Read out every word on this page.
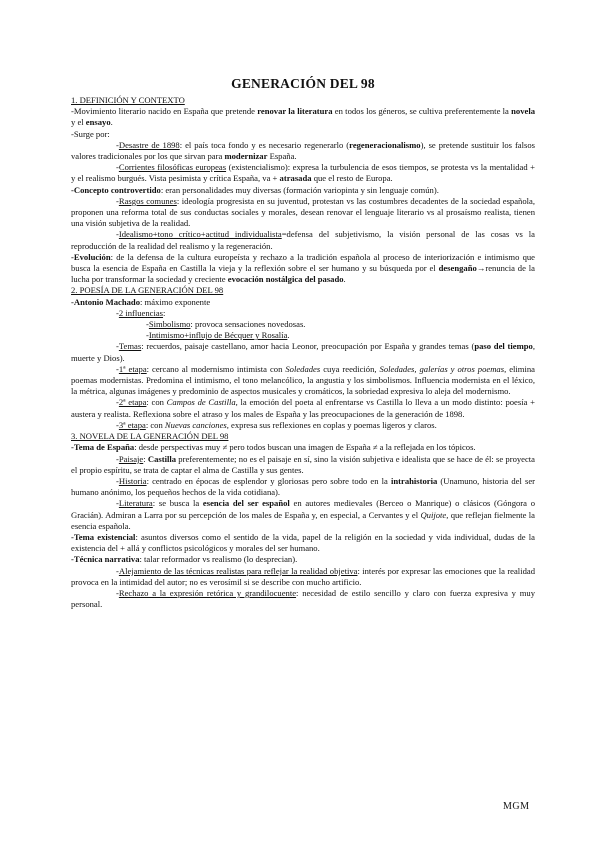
GENERACIÓN DEL 98
1. DEFINICIÓN Y CONTEXTO

-Movimiento literario nacido en España que pretende renovar la literatura en todos los géneros, se cultiva preferentemente la novela y el ensayo.

-Surge por:

-Desastre de 1898: el país toca fondo y es necesario regenerarlo (regeneracionalismo), se pretende sustituir los falsos valores tradicionales por los que sirvan para modernizar España.

-Corrientes filosóficas europeas (existencialismo): expresa la turbulencia de esos tiempos, se protesta vs la mentalidad + y el realismo burgués. Vista pesimista y crítica España, va + atrasada que el resto de Europa.

-Concepto controvertido: eran personalidades muy diversas (formación variopinta y sin lenguaje común).

-Rasgos comunes: ideología progresista en su juventud, protestan vs las costumbres decadentes de la sociedad española, proponen una reforma total de sus conductas sociales y morales, desean renovar el lenguaje literario vs al prosaísmo realista, tienen una visión subjetiva de la realidad.

-Idealismo+tono crítico+actitud individualista=defensa del subjetivismo, la visión personal de las cosas vs la reproducción de la realidad del realismo y la regeneración.

-Evolución: de la defensa de la cultura europeísta y rechazo a la tradición española al proceso de interiorización e intimismo que busca la esencia de España en Castilla la vieja y la reflexión sobre el ser humano y su búsqueda por el desengaño→renuncia de la lucha por transformar la sociedad y creciente evocación nostálgica del pasado.

2. POESÍA DE LA GENERACIÓN DEL 98

-Antonio Machado: máximo exponente

-2 influencias:

-Simbolismo: provoca sensaciones novedosas.

-Intimismo+influjo de Bécquer y Rosalía.

-Temas: recuerdos, paisaje castellano, amor hacia Leonor, preocupación por España y grandes temas (paso del tiempo, muerte y Dios).

-1ª etapa: cercano al modernismo intimista con Soledades cuya reedición, Soledades, galerías y otros poemas, elimina poemas modernistas. Predomina el intimismo, el tono melancólico, la angustia y los simbolismos. Influencia modernista en el léxico, la métrica, algunas imágenes y predominio de aspectos musicales y cromáticos, la sobriedad expresiva lo aleja del modernismo.

-2ª etapa: con Campos de Castilla, la emoción del poeta al enfrentarse vs Castilla lo lleva a un modo distinto: poesía + austera y realista. Reflexiona sobre el atraso y los males de España y las preocupaciones de la generación de 1898.

-3ª etapa: con Nuevas canciones, expresa sus reflexiones en coplas y poemas ligeros y claros.

3. NOVELA DE LA GENERACIÓN DEL 98

-Tema de España: desde perspectivas muy ≠ pero todos buscan una imagen de España ≠ a la reflejada en los tópicos.

-Paisaje: Castilla preferentemente; no es el paisaje en sí, sino la visión subjetiva e idealista que se hace de él: se proyecta el propio espíritu, se trata de captar el alma de Castilla y sus gentes.

-Historia: centrado en épocas de esplendor y gloriosas pero sobre todo en la intrahistoria (Unamuno, historia del ser humano anónimo, los pequeños hechos de la vida cotidiana).

-Literatura: se busca la esencia del ser español en autores medievales (Berceo o Manrique) o clásicos (Góngora o Gracián). Admiran a Larra por su percepción de los males de España y, en especial, a Cervantes y el Quijote, que reflejan fielmente la esencia española.

-Tema existencial: asuntos diversos como el sentido de la vida, papel de la religión en la sociedad y vida individual, dudas de la existencia del + allá y conflictos psicológicos y morales del ser humano.

-Técnica narrativa: talar reformador vs realismo (lo desprecian).

-Alejamiento de las técnicas realistas para reflejar la realidad objetiva: interés por expresar las emociones que la realidad provoca en la intimidad del autor; no es verosímil si se describe con mucho artificio.

-Rechazo a la expresión retórica y grandilocuente: necesidad de estilo sencillo y claro con fuerza expresiva y muy personal.

MGM
